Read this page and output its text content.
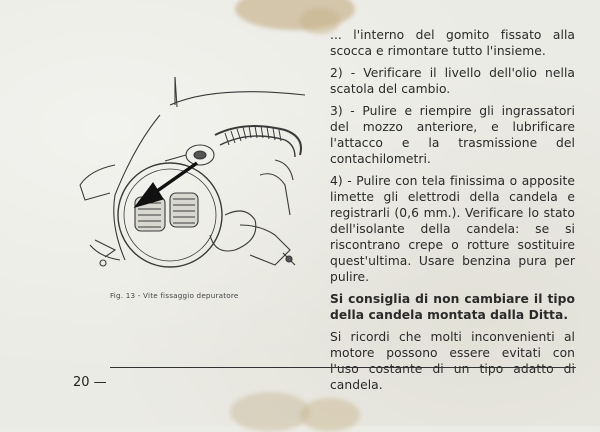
Fig. 13 - Vite fissaggio depuratore

... l'interno del gomito fissato alla scocca e rimontare tutto l'insieme.

2) - Verificare il livello dell'olio nella scatola del cambio.

3) - Pulire e riempire gli ingrassatori del mozzo anteriore, e lubrificare l'attacco e la trasmissione del contachilometri.

4) - Pulire con tela finissima o apposite limette gli elettrodi della candela e registrarli (0,6 mm.). Verificare lo stato dell'isolante della candela: se si riscontrano crepe o rotture sostituire quest'ultima. Usare benzina pura per pulire.

Si consiglia di non cambiare il tipo della candela montata dalla Ditta.

Si ricordi che molti inconvenienti al motore possono essere evitati con l'uso costante di un tipo adatto di candela.

20 —
